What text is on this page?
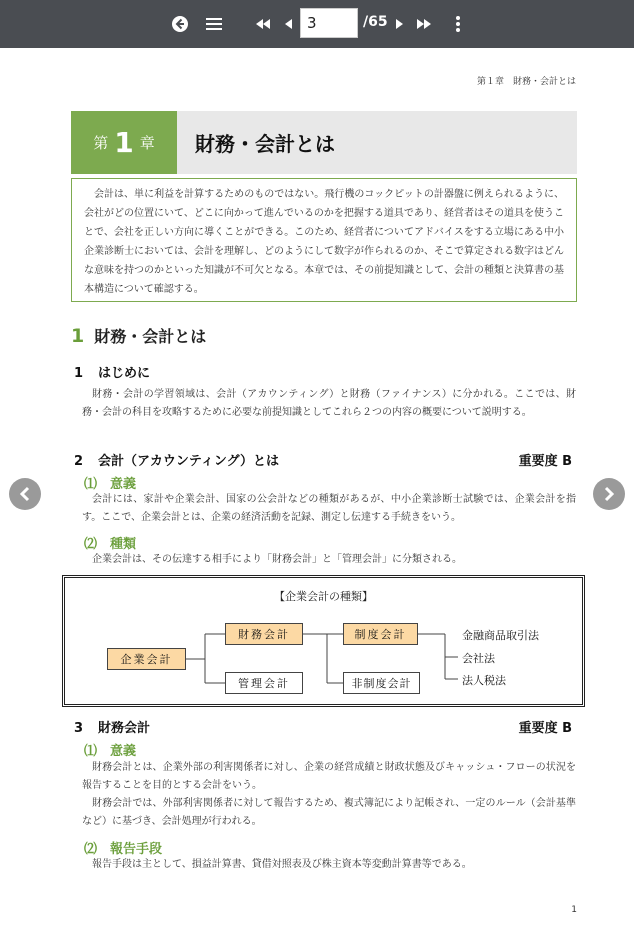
3
/65
第１章　財務・会計とは
第 1 章 財務・会計とは

会計は、単に利益を計算するためのものではない。飛行機のコックピットの計器盤に例えられるように、会社がどの位置にいて、どこに向かって進んでいるのかを把握する道具であり、経営者はその道具を使うことで、会社を正しい方向に導くことができる。このため、経営者についてアドバイスをする立場にある中小企業診断士においては、会計を理解し、どのようにして数字が作られるのか、そこで算定される数字はどんな意味を持つのかといった知識が不可欠となる。本章では、その前提知識として、会計の種類と決算書の基本構造について確認する。

1 財務・会計とは
1 はじめに

財務・会計の学習領域は、会計（アカウンティング）と財務（ファイナンス）に分かれる。ここでは、財務・会計の科目を攻略するために必要な前提知識としてこれら２つの内容の概要について説明する。

2 会計（アカウンティング）とは	重要度 B
⑴ 意義

会計には、家計や企業会計、国家の公会計などの種類があるが、中小企業診断士試験では、企業会計を指す。ここで、企業会計とは、企業の経済活動を記録、測定し伝達する手続きをいう。

⑵ 種類

企業会計は、その伝達する相手により「財務会計」と「管理会計」に分類される。

【企業会計の種類】
企業会計
財務会計
管理会計
制度会計
非制度会計
金融商品取引法
会社法
法人税法
3 財務会計	重要度 B
⑴ 意義

財務会計とは、企業外部の利害関係者に対し、企業の経営成績と財政状態及びキャッシュ・フローの状況を報告することを目的とする会計をいう。

財務会計では、外部利害関係者に対して報告するため、複式簿記により記帳され、一定のルール（会計基準など）に基づき、会計処理が行われる。

⑵ 報告手段

報告手段は主として、損益計算書、貸借対照表及び株主資本等変動計算書等である。

1
